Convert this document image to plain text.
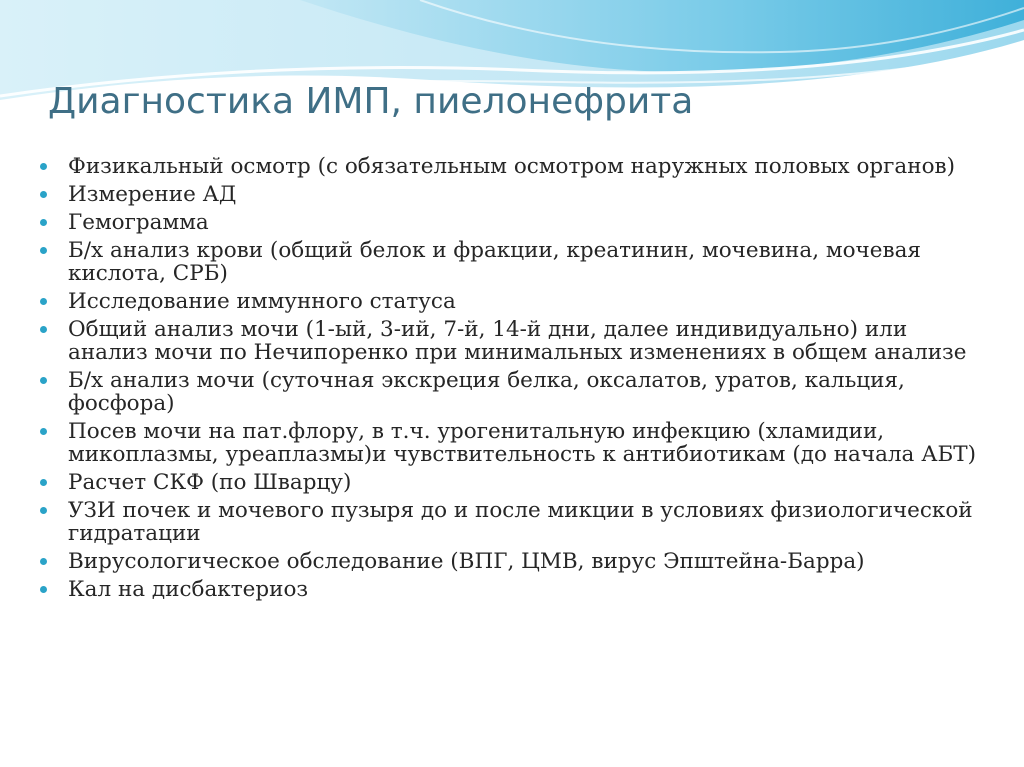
Диагностика ИМП, пиелонефрита
Физикальный осмотр (с обязательным осмотром наружных половых органов)
Измерение АД
Гемограмма
Б/х анализ крови (общий белок и фракции, креатинин, мочевина, мочевая кислота, СРБ)
Исследование иммунного статуса
Общий анализ мочи (1-ый, 3-ий, 7-й, 14-й дни, далее индивидуально) или анализ мочи по Нечипоренко при минимальных изменениях в общем анализе
Б/х анализ мочи (суточная экскреция белка, оксалатов, уратов, кальция, фосфора)
Посев мочи на пат.флору, в т.ч. урогенитальную инфекцию (хламидии, микоплазмы, уреаплазмы)и чувствительность к антибиотикам (до начала АБТ)
Расчет СКФ (по Шварцу)
УЗИ почек и мочевого пузыря до и после микции в условиях физиологической гидратации
Вирусологическое обследование (ВПГ, ЦМВ, вирус Эпштейна-Барра)
Кал на дисбактериоз
